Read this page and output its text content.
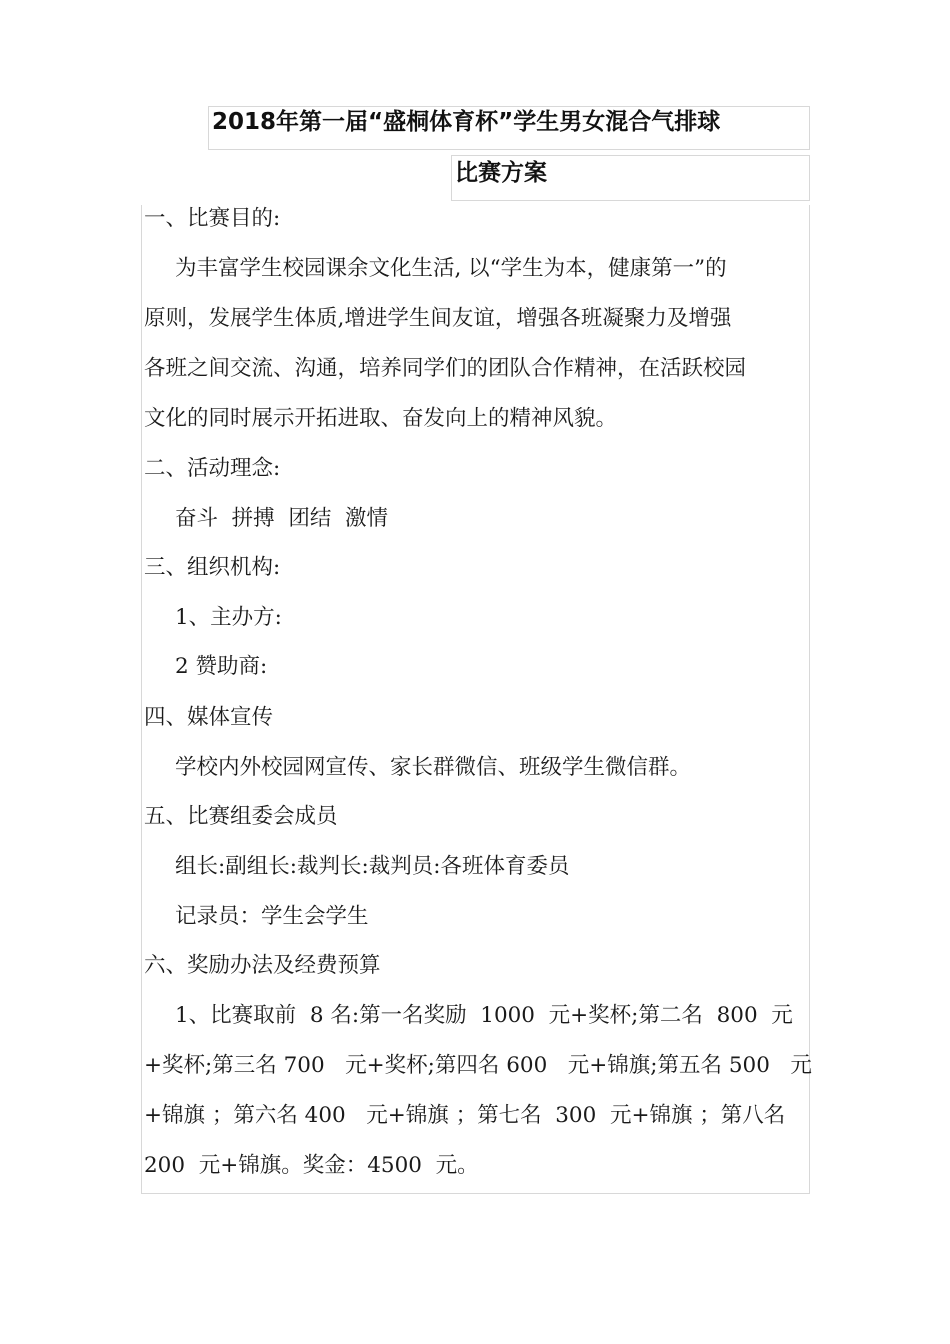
2018年第一届“盛桐体育杯”学生男女混合气排球
比赛方案
一、比赛目的:
为丰富学生校园课余文化生活, 以“学生为本，健康第一”的
原则，发展学生体质,增进学生间友谊，增强各班凝聚力及增强
各班之间交流、沟通，培养同学们的团队合作精神，在活跃校园
文化的同时展示开拓进取、奋发向上的精神风貌。
二、活动理念:
奋斗  拼搏  团结  激情
三、组织机构:
1、主办方:
2 赞助商:
四、媒体宣传
学校内外校园网宣传、家长群微信、班级学生微信群。
五、比赛组委会成员
组长:副组长:裁判长:裁判员:各班体育委员
记录员：学生会学生
六、奖励办法及经费预算
1、比赛取前  8 名:第一名奖励  1000  元+奖杯;第二名  800  元
+奖杯;第三名 700   元+奖杯;第四名 600   元+锦旗;第五名 500   元
+锦旗 ；第六名 400   元+锦旗 ；第七名  300  元+锦旗 ；第八名
200  元+锦旗。奖金：4500  元。
